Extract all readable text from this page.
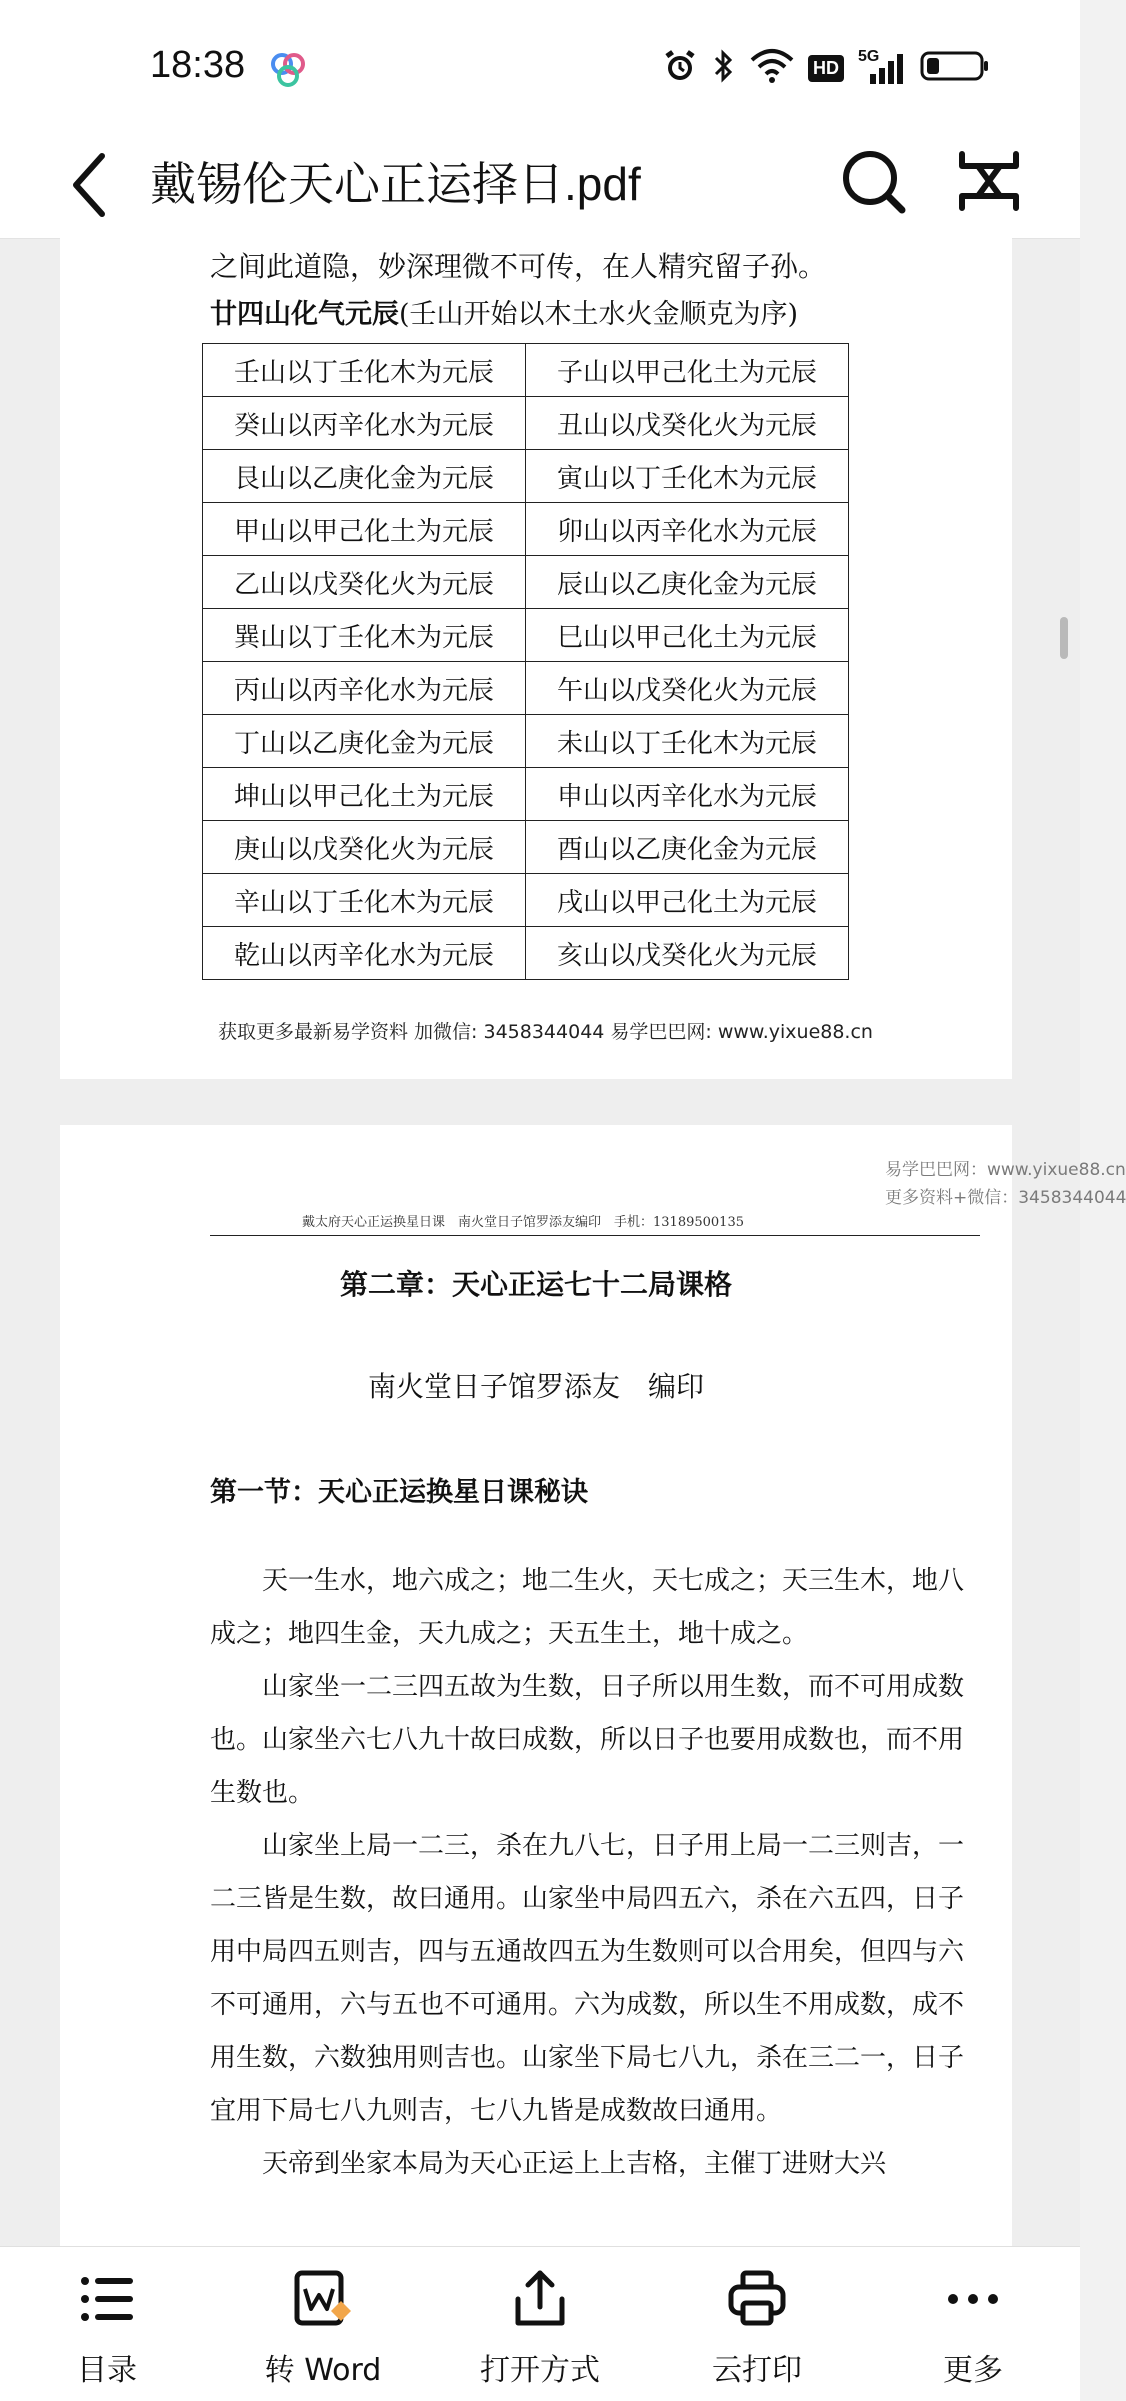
18:38	HD
5G
戴锡伦天心正运择日.pdf
之间此道隐，妙深理微不可传，在人精究留子孙。
廿四山化气元辰(壬山开始以木土水火金顺克为序)
壬山以丁壬化木为元辰	子山以甲己化土为元辰
癸山以丙辛化水为元辰	丑山以戊癸化火为元辰
艮山以乙庚化金为元辰	寅山以丁壬化木为元辰
甲山以甲己化土为元辰	卯山以丙辛化水为元辰
乙山以戊癸化火为元辰	辰山以乙庚化金为元辰
巽山以丁壬化木为元辰	巳山以甲己化土为元辰
丙山以丙辛化水为元辰	午山以戊癸化火为元辰
丁山以乙庚化金为元辰	未山以丁壬化木为元辰
坤山以甲己化土为元辰	申山以丙辛化水为元辰
庚山以戊癸化火为元辰	酉山以乙庚化金为元辰
辛山以丁壬化木为元辰	戌山以甲己化土为元辰
乾山以丙辛化水为元辰	亥山以戊癸化火为元辰
获取更多最新易学资料 加微信: 3458344044 易学巴巴网: www.yixue88.cn
戴太府天心正运换星日课　南火堂日子馆罗添友编印　手机：13189500135
易学巴巴网：www.yixue88.cn
更多资料+微信：3458344044
第二章：天心正运七十二局课格
南火堂日子馆罗添友　编印
第一节：天心正运换星日课秘诀

天一生水，地六成之；地二生火，天七成之；天三生木，地八成之；地四生金，天九成之；天五生土，地十成之。

山家坐一二三四五故为生数，日子所以用生数，而不可用成数也。山家坐六七八九十故曰成数，所以日子也要用成数也，而不用生数也。

山家坐上局一二三，杀在九八七，日子用上局一二三则吉，一二三皆是生数，故曰通用。山家坐中局四五六，杀在六五四，日子用中局四五则吉，四与五通故四五为生数则可以合用矣，但四与六不可通用，六与五也不可通用。六为成数，所以生不用成数，成不用生数，六数独用则吉也。山家坐下局七八九，杀在三二一，日子宜用下局七八九则吉，七八九皆是成数故曰通用。

天帝到坐家本局为天心正运上上吉格，主催丁进财大兴

目录	转 Word	打开方式	云打印	更多
